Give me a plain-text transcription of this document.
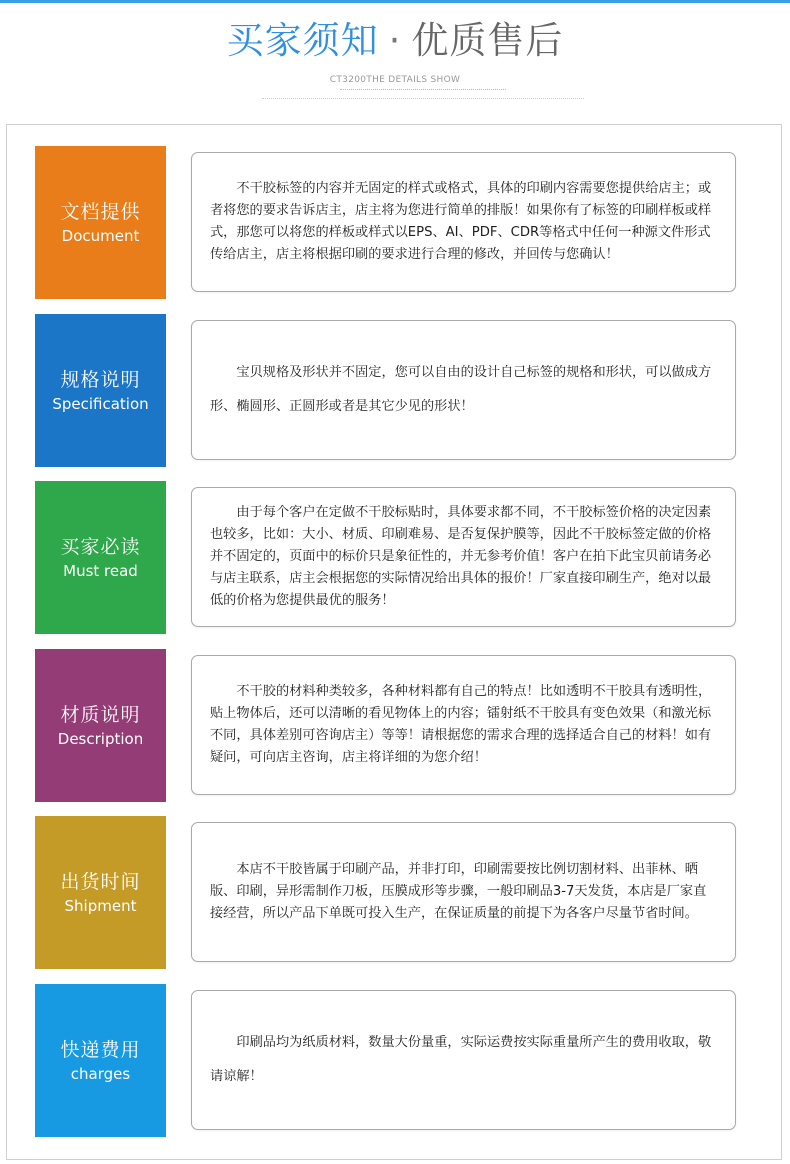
买家须知 · 优质售后
CT3200THE DETAILS SHOW
文档提供
Document
不干胶标签的内容并无固定的样式或格式，具体的印刷内容需要您提供给店主；或者将您的要求告诉店主，店主将为您进行简单的排版！如果你有了标签的印刷样板或样式，那您可以将您的样板或样式以EPS、AI、PDF、CDR等格式中任何一种源文件形式传给店主，店主将根据印刷的要求进行合理的修改，并回传与您确认！
规格说明
Specification
宝贝规格及形状并不固定，您可以自由的设计自己标签的规格和形状，可以做成方形、椭圆形、正圆形或者是其它少见的形状！
买家必读
Must read
由于每个客户在定做不干胶标贴时，具体要求都不同，不干胶标签价格的决定因素也较多，比如：大小、材质、印刷难易、是否复保护膜等，因此不干胶标签定做的价格并不固定的，页面中的标价只是象征性的，并无参考价值！客户在拍下此宝贝前请务必与店主联系，店主会根据您的实际情况给出具体的报价！厂家直接印刷生产，绝对以最低的价格为您提供最优的服务！
材质说明
Description
不干胶的材料种类较多，各种材料都有自己的特点！比如透明不干胶具有透明性，贴上物体后，还可以清晰的看见物体上的内容；镭射纸不干胶具有变色效果（和激光标不同，具体差别可咨询店主）等等！请根据您的需求合理的选择适合自己的材料！如有疑问，可向店主咨询，店主将详细的为您介绍！
出货时间
Shipment
本店不干胶皆属于印刷产品，并非打印，印刷需要按比例切割材料、出菲林、晒版、印刷，异形需制作刀板，压膜成形等步骤，一般印刷品3-7天发货，本店是厂家直接经营，所以产品下单既可投入生产，在保证质量的前提下为各客户尽量节省时间。
快递费用
charges
印刷品均为纸质材料，数量大份量重，实际运费按实际重量所产生的费用收取，敬请谅解！
